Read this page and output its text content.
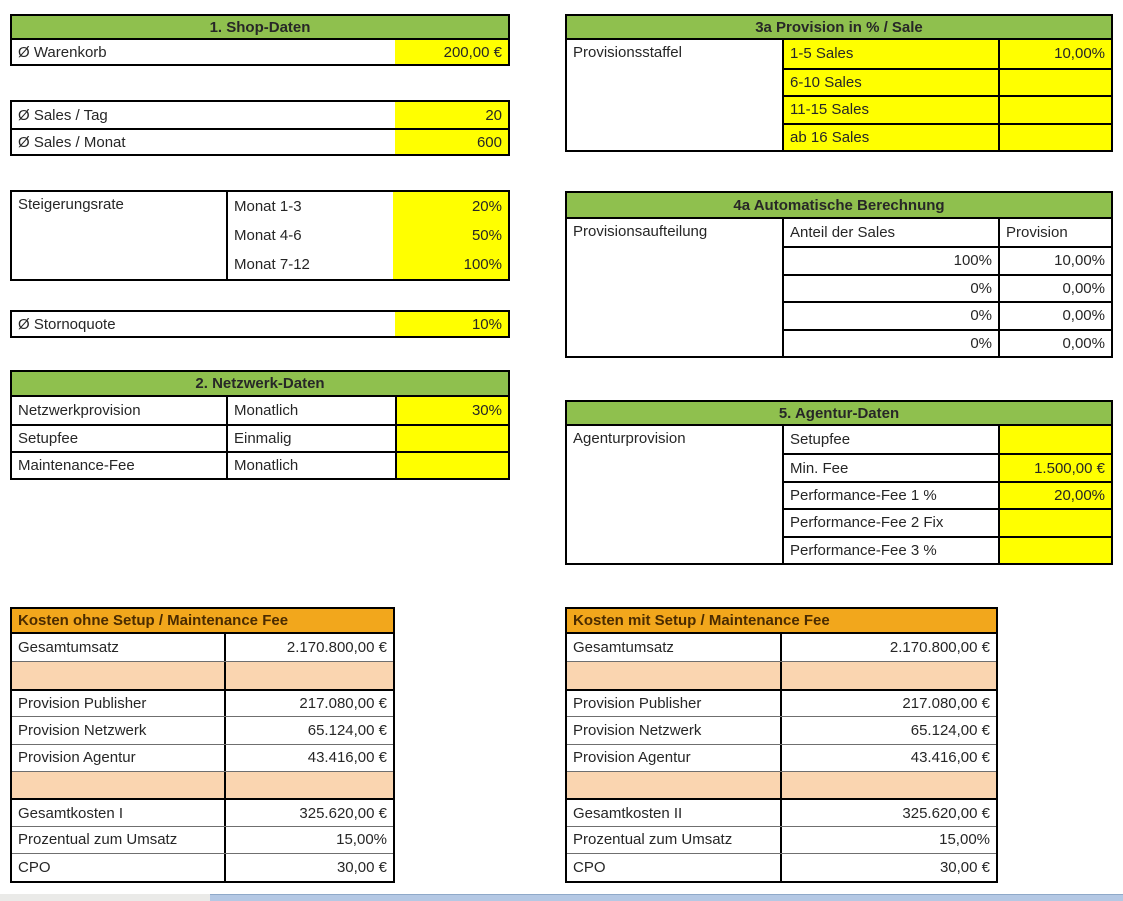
1. Shop-Daten
Ø Warenkorb	200,00 €
Ø Sales / Tag	20
Ø Sales / Monat	600
Steigerungsrate	Monat 1-3	20%
Monat 4-6	50%
Monat 7-12	100%
Ø Stornoquote	10%
2. Netzwerk-Daten
Netzwerkprovision	Monatlich	30%
Setupfee	Einmalig
Maintenance-Fee	Monatlich
3a Provision in % / Sale
Provisionsstaffel	1-5 Sales	10,00%
6-10 Sales
11-15 Sales
ab 16 Sales
4a Automatische Berechnung
Provisionsaufteilung	Anteil der Sales	Provision
100%	10,00%
0%	0,00%
0%	0,00%
0%	0,00%
5. Agentur-Daten
Agenturprovision	Setupfee
Min. Fee	1.500,00 €
Performance-Fee 1 %	20,00%
Performance-Fee 2 Fix
Performance-Fee 3 %
Kosten ohne Setup / Maintenance Fee
Gesamtumsatz	2.170.800,00 €
Provision Publisher	217.080,00 €
Provision Netzwerk	65.124,00 €
Provision Agentur	43.416,00 €
Gesamtkosten I	325.620,00 €
Prozentual zum Umsatz	15,00%
CPO	30,00 €
Kosten mit Setup / Maintenance Fee
Gesamtumsatz	2.170.800,00 €
Provision Publisher	217.080,00 €
Provision Netzwerk	65.124,00 €
Provision Agentur	43.416,00 €
Gesamtkosten II	325.620,00 €
Prozentual zum Umsatz	15,00%
CPO	30,00 €
